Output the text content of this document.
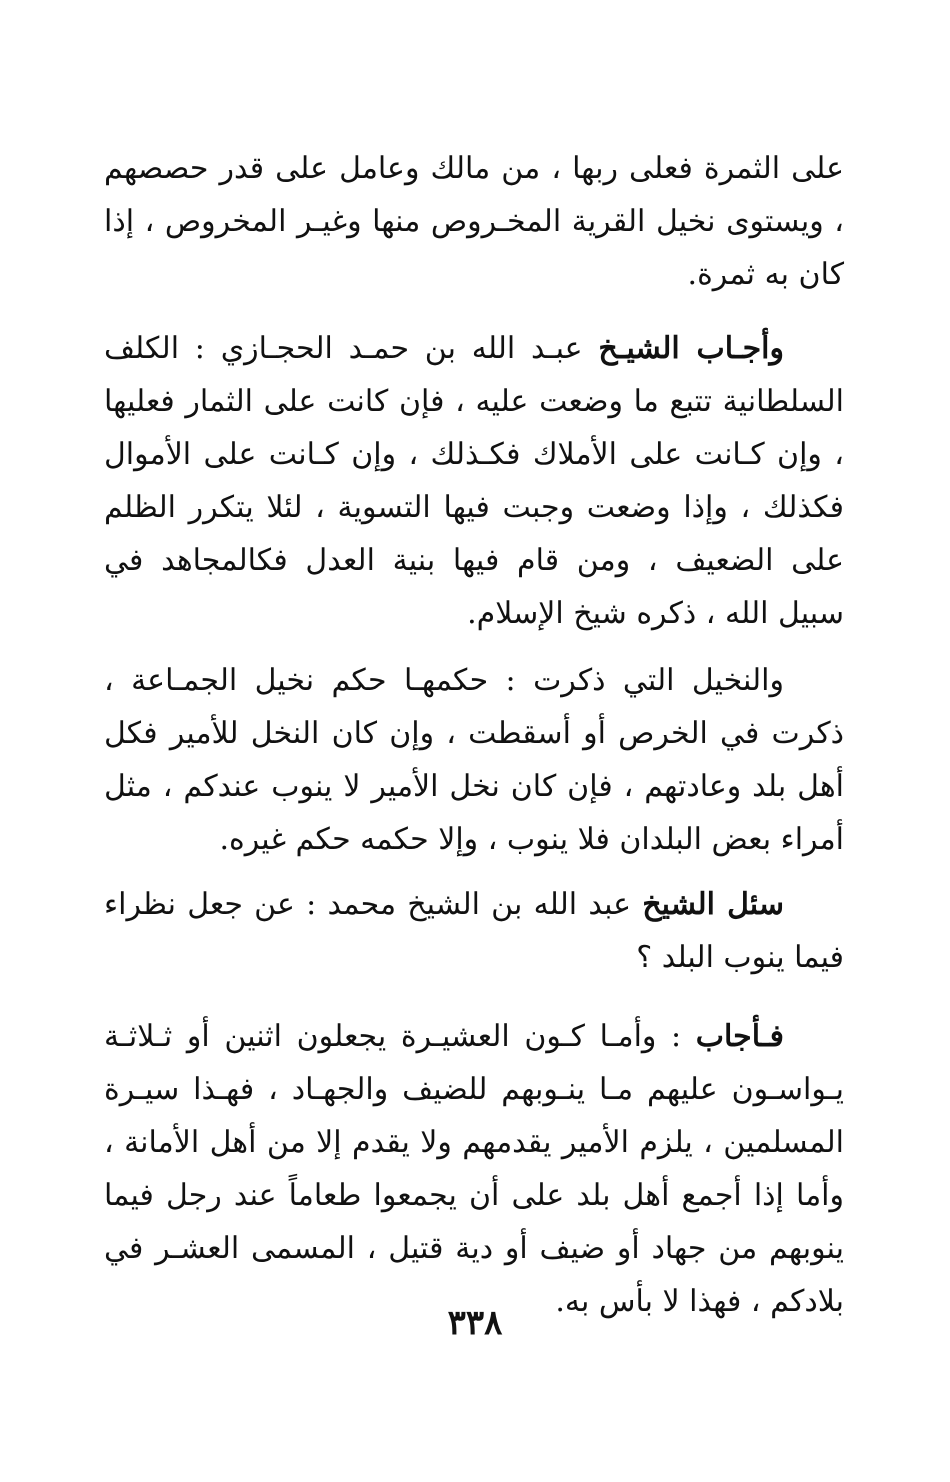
على الثمرة فعلى ربها ، من مالك وعامل على قدر حصصهم ، ويستوى نخيل القرية المخـروص منها وغيـر المخروص ، إذا كان به ثمرة.

وأجـاب الشيـخ عبـد الله بن حمـد الحجـازي : الكلف السلطانية تتبع ما وضعت عليه ، فإن كانت على الثمار فعليها ، وإن كـانت على الأملاك فكـذلك ، وإن كـانت على الأموال فكذلك ، وإذا وضعت وجبت فيها التسوية ، لئلا يتكرر الظلم على الضعيف ، ومن قام فيها بنية العدل فكالمجاهد في سبيل الله ، ذكره شيخ الإسلام.

والنخيل التي ذكرت : حكمهـا حكم نخيل الجمـاعة ، ذكرت في الخرص أو أسقطت ، وإن كان النخل للأمير فكل أهل بلد وعادتهم ، فإن كان نخل الأمير لا ينوب عندكم ، مثل أمراء بعض البلدان فلا ينوب ، وإلا حكمه حكم غيره.

سئل الشيخ عبد الله بن الشيخ محمد : عن جعل نظراء فيما ينوب البلد ؟

فـأجاب : وأمـا كـون العشيـرة يجعلون اثنين أو ثـلاثـة يـواسـون عليهم مـا ينـوبهم للضيف والجهـاد ، فهـذا سيـرة المسلمين ، يلزم الأمير يقدمهم ولا يقدم إلا من أهل الأمانة ، وأما إذا أجمع أهل بلد على أن يجمعوا طعاماً عند رجل فيما ينوبهم من جهاد أو ضيف أو دية قتيل ، المسمى العشـر في بلادكم ، فهذا لا بأس به.

٣٣٨
